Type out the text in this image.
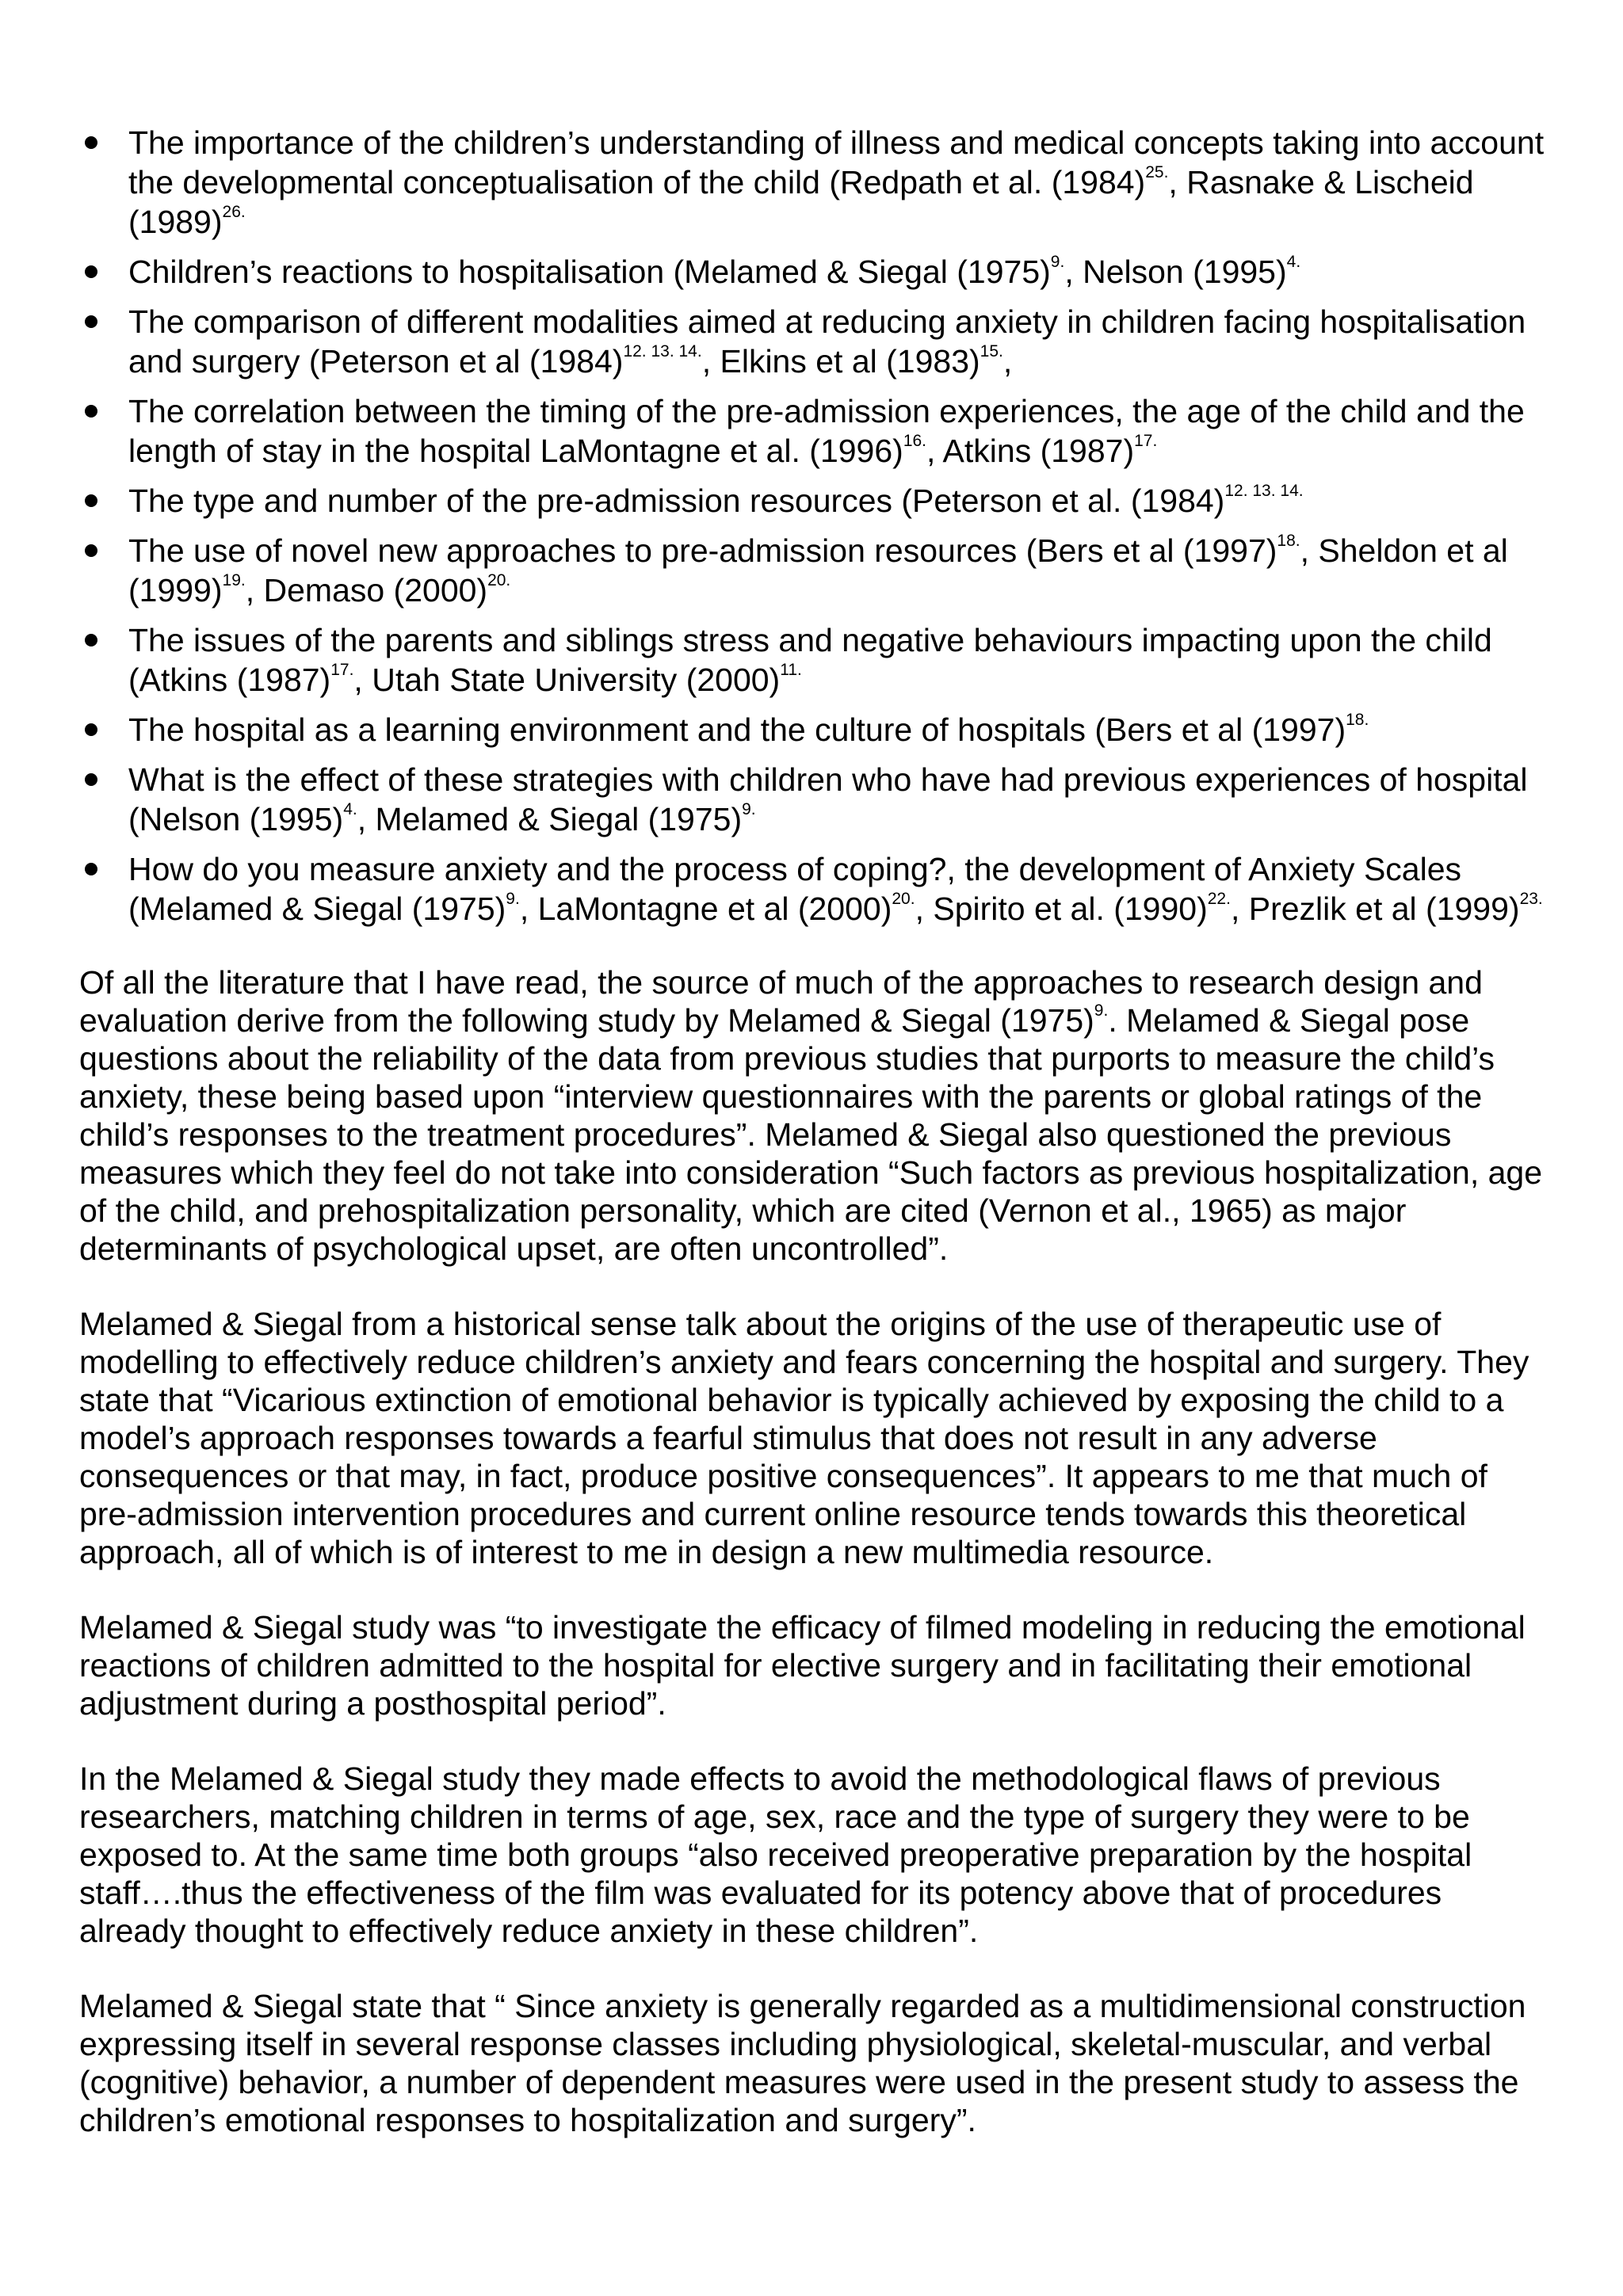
The importance of the children’s understanding of illness and medical concepts taking into account the developmental conceptualisation of the child (Redpath et al. $(1984)^{25.}$, Rasnake & Lischeid $(1989)^{26.}$
Children’s reactions to hospitalisation (Melamed & Siegal $(1975)^{9.}$, Nelson $(1995)^{4.}$
The comparison of different modalities aimed at reducing anxiety in children facing hospitalisation and surgery (Peterson et al $(1984)^{12. 13. 14.}$, Elkins et al $(1983)^{15.}$,
The correlation between the timing of the pre-admission experiences, the age of the child and the length of stay in the hospital LaMontagne et al. $(1996)^{16.}$, Atkins $(1987)^{17.}$
The type and number of the pre-admission resources (Peterson et al. $(1984)^{12. 13. 14.}$
The use of novel new approaches to pre-admission resources (Bers et al $(1997)^{18.}$, Sheldon et al $(1999)^{19.}$, Demaso $(2000)^{20.}$
The issues of the parents and siblings stress and negative behaviours impacting upon the child (Atkins $(1987)^{17.}$, Utah State University $(2000)^{11.}$
The hospital as a learning environment and the culture of hospitals (Bers et al $(1997)^{18.}$
What is the effect of these strategies with children who have had previous experiences of hospital (Nelson $(1995)^{4.}$, Melamed & Siegal $(1975)^{9.}$
How do you measure anxiety and the process of coping?, the development of Anxiety Scales (Melamed & Siegal $(1975)^{9.}$, LaMontagne et al $(2000)^{20.}$, Spirito et al. $(1990)^{22.}$, Prezlik et al $(1999)^{23.}$

Of all the literature that I have read, the source of much of the approaches to research design and evaluation derive from the following study by Melamed & Siegal $(1975)^{9.}$. Melamed & Siegal pose questions about the reliability of the data from previous studies that purports to measure the child’s anxiety, these being based upon “interview questionnaires with the parents or global ratings of the child’s responses to the treatment procedures”. Melamed & Siegal also questioned the previous measures which they feel do not take into consideration “Such factors as previous hospitalization, age of the child, and prehospitalization personality, which are cited (Vernon et al., 1965) as major determinants of psychological upset, are often uncontrolled”.

Melamed & Siegal from a historical sense talk about the origins of the use of therapeutic use of modelling to effectively reduce children’s anxiety and fears concerning the hospital and surgery. They state that “Vicarious extinction of emotional behavior is typically achieved by exposing the child to a model’s approach responses towards a fearful stimulus that does not result in any adverse consequences or that may, in fact, produce positive consequences”. It appears to me that much of pre-admission intervention procedures and current online resource tends towards this theoretical approach, all of which is of interest to me in design a new multimedia resource.

Melamed & Siegal study was “to investigate the efficacy of filmed modeling in reducing the emotional reactions of children admitted to the hospital for elective surgery and in facilitating their emotional adjustment during a posthospital period”.

In the Melamed & Siegal study they made effects to avoid the methodological flaws of previous researchers, matching children in terms of age, sex, race and the type of surgery they were to be exposed to. At the same time both groups “also received preoperative preparation by the hospital staff….thus the effectiveness of the film was evaluated for its potency above that of procedures already thought to effectively reduce anxiety in these children”.

Melamed & Siegal state that “ Since anxiety is generally regarded as a multidimensional construction expressing itself in several response classes including physiological, skeletal-muscular, and verbal (cognitive) behavior, a number of dependent measures were used in the present study to assess the children’s emotional responses to hospitalization and surgery”.
